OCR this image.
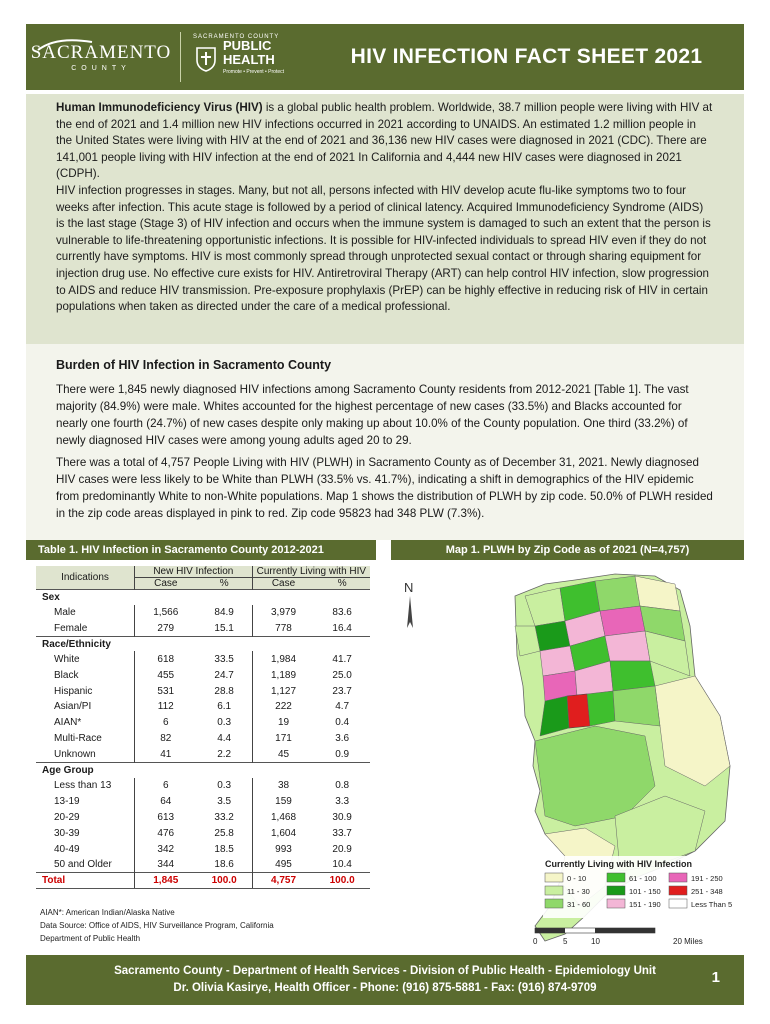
SACRAMENTO
COUNTY
SACRAMENTO COUNTY
PUBLIC
HEALTH
Promote • Prevent • Protect
HIV INFECTION FACT SHEET 2021

Human Immunodeficiency Virus (HIV) is a global public health problem. Worldwide, 38.7 million people were living with HIV at the end of 2021 and 1.4 million new HIV infections occurred in 2021 according to UNAIDS. An estimated 1.2 million people in the United States were living with HIV at the end of 2021 and 36,136 new HIV cases were diagnosed in 2021 (CDC). There are 141,001 people living with HIV infection at the end of 2021 In California and 4,444 new HIV cases were diagnosed in 2021 (CDPH).

HIV infection progresses in stages. Many, but not all, persons infected with HIV develop acute flu-like symptoms two to four weeks after infection. This acute stage is followed by a period of clinical latency. Acquired Immunodeficiency Syndrome (AIDS) is the last stage (Stage 3) of HIV infection and occurs when the immune system is damaged to such an extent that the person is vulnerable to life-threatening opportunistic infections. It is possible for HIV-infected individuals to spread HIV even if they do not currently have symptoms. HIV is most commonly spread through unprotected sexual contact or through sharing equipment for injection drug use. No effective cure exists for HIV. Antiretroviral Therapy (ART) can help control HIV infection, slow progression to AIDS and reduce HIV transmission. Pre-exposure prophylaxis (PrEP) can be highly effective in reducing risk of HIV in certain populations when taken as directed under the care of a medical professional.

Burden of HIV Infection in Sacramento County

There were 1,845 newly diagnosed HIV infections among Sacramento County residents from 2012-2021 [Table 1]. The vast majority (84.9%) were male. Whites accounted for the highest percentage of new cases (33.5%) and Blacks accounted for nearly one fourth (24.7%) of new cases despite only making up about 10.0% of the County population. One third (33.2%) of newly diagnosed HIV cases were among young adults aged 20 to 29.

There was a total of 4,757 People Living with HIV (PLWH) in Sacramento County as of December 31, 2021. Newly diagnosed HIV cases were less likely to be White than PLWH (33.5% vs. 41.7%), indicating a shift in demographics of the HIV epidemic from predominantly White to non-White populations. Map 1 shows the distribution of PLWH by zip code. 50.0% of PLWH resided in the zip code areas displayed in pink to red. Zip code 95823 had 348 PLW (7.3%).

Table 1. HIV Infection in Sacramento County 2012-2021	Map 1. PLWH by Zip Code as of 2021 (N=4,757)
Indications	New HIV Infection		Currently Living with HIV	
	Case	%	Case	%
Sex				
Male	1,566	84.9	3,979	83.6
Female	279	15.1	778	16.4
Race/Ethnicity				
White	618	33.5	1,984	41.7
Black	455	24.7	1,189	25.0
Hispanic	531	28.8	1,127	23.7
Asian/PI	112	6.1	222	4.7
AIAN*	6	0.3	19	0.4
Multi-Race	82	4.4	171	3.6
Unknown	41	2.2	45	0.9
Age Group				
Less than 13	6	0.3	38	0.8
13-19	64	3.5	159	3.3
20-29	613	33.2	1,468	30.9
30-39	476	25.8	1,604	33.7
40-49	342	18.5	993	20.9
50 and Older	344	18.6	495	10.4
Total	1,845	100.0	4,757	100.0
AIAN*: American Indian/Alaska Native
Data Source: Office of AIDS, HIV Surveillance Program, California
Department of Public Health
N
Currently Living with HIV Infection
0 - 10
11 - 30
31 - 60
61 - 100
101 - 150
151 - 190
191 - 250
251 - 348
Less Than 5
0	5	10	20 Miles
Sacramento County - Department of Health Services - Division of Public Health - Epidemiology Unit
Dr. Olivia Kasirye, Health Officer - Phone: (916) 875-5881 - Fax: (916) 874-9709
1
